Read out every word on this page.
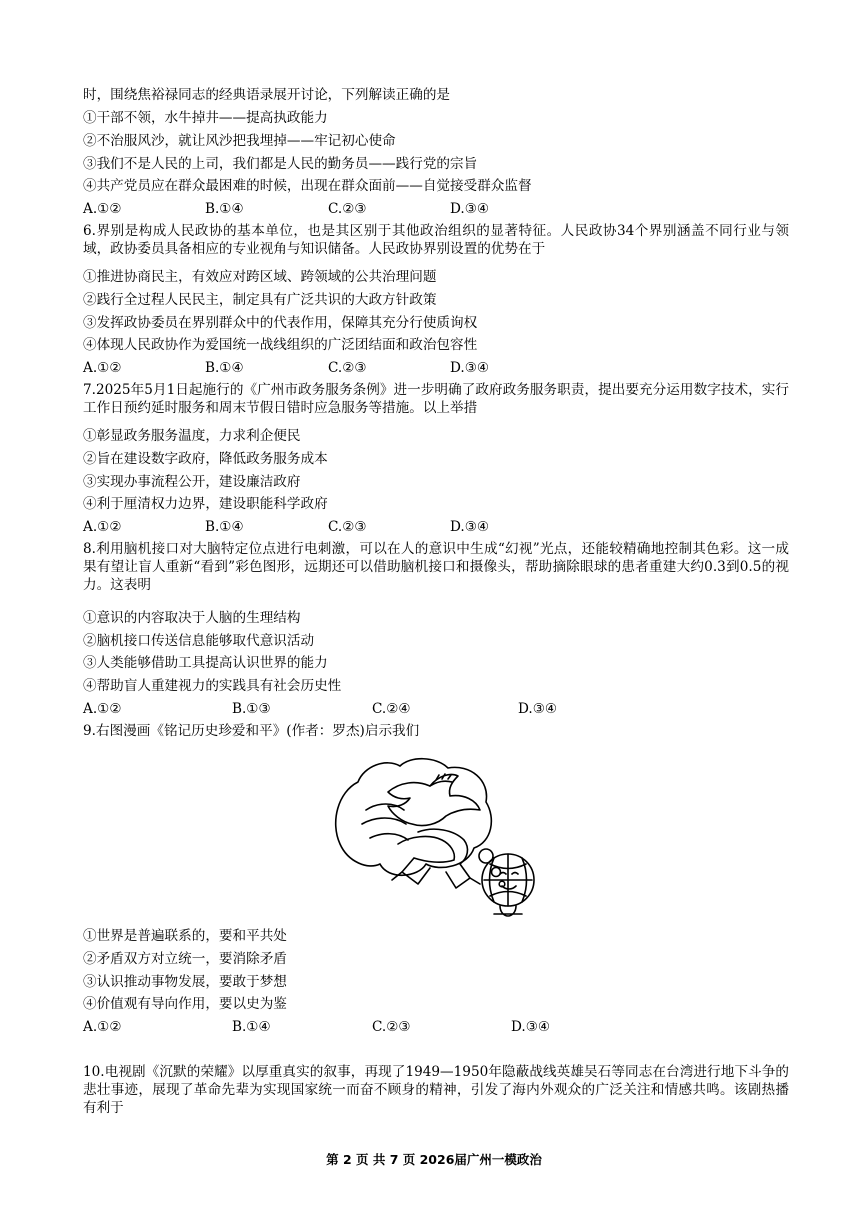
时，围绕焦裕禄同志的经典语录展开讨论，下列解读正确的是
①干部不领，水牛掉井——提高执政能力
②不治服风沙，就让风沙把我埋掉——牢记初心使命
③我们不是人民的上司，我们都是人民的勤务员——践行党的宗旨
④共产党员应在群众最困难的时候，出现在群众面前——自觉接受群众监督
A.①②	B.①④	C.②③	D.③④
6.界别是构成人民政协的基本单位，也是其区别于其他政治组织的显著特征。人民政协34个界别涵盖不同行业与领域，政协委员具备相应的专业视角与知识储备。人民政协界别设置的优势在于
①推进协商民主，有效应对跨区域、跨领域的公共治理问题
②践行全过程人民民主，制定具有广泛共识的大政方针政策
③发挥政协委员在界别群众中的代表作用，保障其充分行使质询权
④体现人民政协作为爱国统一战线组织的广泛团结面和政治包容性
A.①②	B.①④	C.②③	D.③④
7.2025年5月1日起施行的《广州市政务服务条例》进一步明确了政府政务服务职责，提出要充分运用数字技术，实行工作日预约延时服务和周末节假日错时应急服务等措施。以上举措
①彰显政务服务温度，力求利企便民
②旨在建设数字政府，降低政务服务成本
③实现办事流程公开，建设廉洁政府
④利于厘清权力边界，建设职能科学政府
A.①②	B.①④	C.②③	D.③④
8.利用脑机接口对大脑特定位点进行电刺激，可以在人的意识中生成“幻视”光点，还能较精确地控制其色彩。这一成果有望让盲人重新“看到”彩色图形，远期还可以借助脑机接口和摄像头，帮助摘除眼球的患者重建大约0.3到0.5的视力。这表明
①意识的内容取决于人脑的生理结构
②脑机接口传送信息能够取代意识活动
③人类能够借助工具提高认识世界的能力
④帮助盲人重建视力的实践具有社会历史性
A.①②	B.①③	C.②④	D.③④
9.右图漫画《铭记历史珍爱和平》(作者：罗杰)启示我们
①世界是普遍联系的，要和平共处
②矛盾双方对立统一，要消除矛盾
③认识推动事物发展，要敢于梦想
④价值观有导向作用，要以史为鉴
A.①②	B.①④	C.②③	D.③④
10.电视剧《沉默的荣耀》以厚重真实的叙事，再现了1949—1950年隐蔽战线英雄吴石等同志在台湾进行地下斗争的悲壮事迹，展现了革命先辈为实现国家统一而奋不顾身的精神，引发了海内外观众的广泛关注和情感共鸣。该剧热播有利于
第 2 页 共 7 页 2026届广州一模政治
